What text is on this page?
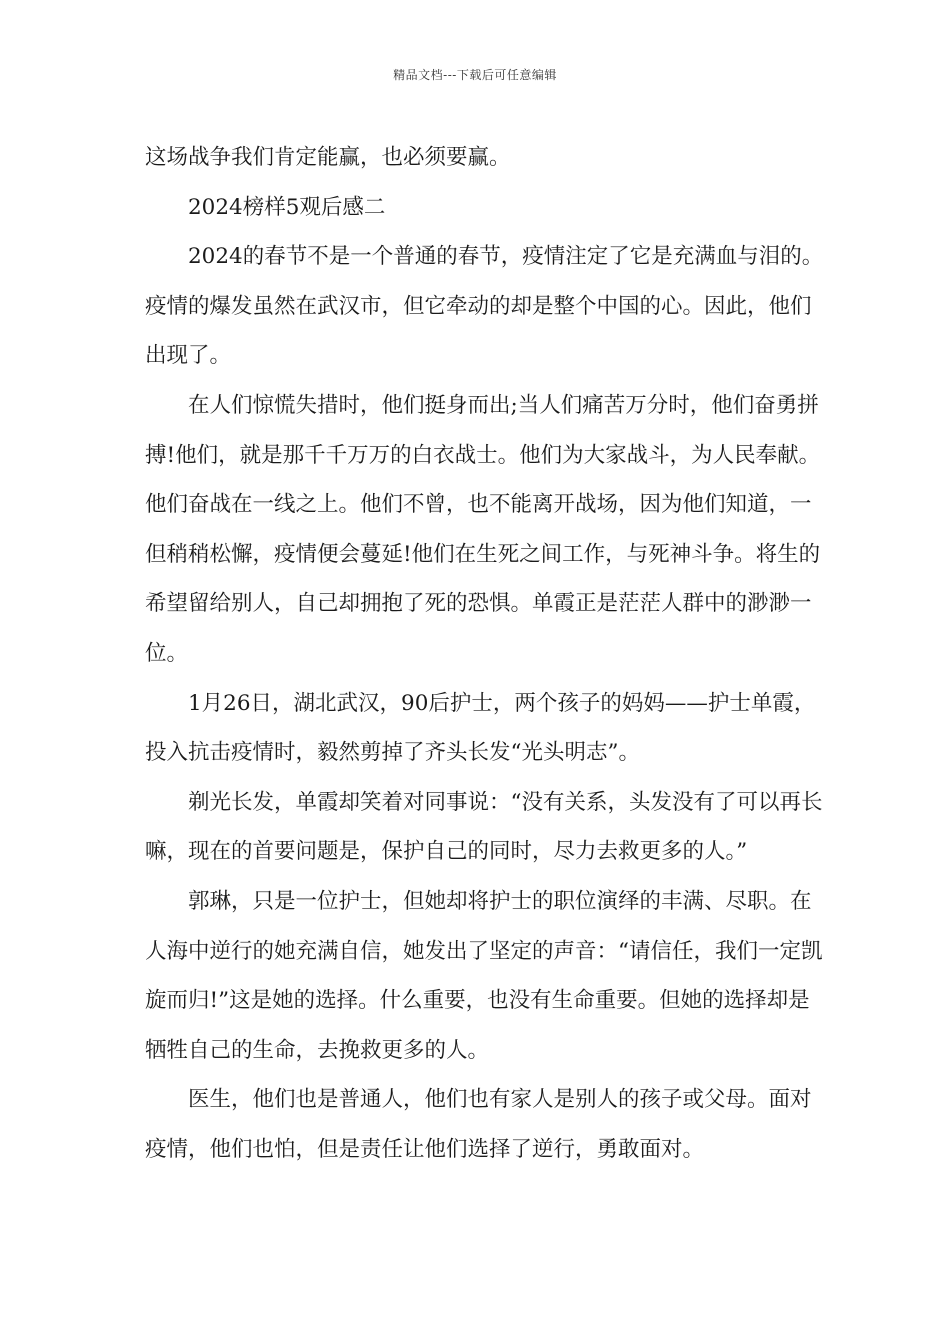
精品文档---下载后可任意编辑

这场战争我们肯定能赢，也必须要赢。

2024榜样5观后感二

2024的春节不是一个普通的春节，疫情注定了它是充满血与泪的。疫情的爆发虽然在武汉市，但它牵动的却是整个中国的心。因此，他们出现了。

在人们惊慌失措时，他们挺身而出;当人们痛苦万分时，他们奋勇拼搏!他们，就是那千千万万的白衣战士。他们为大家战斗，为人民奉献。他们奋战在一线之上。他们不曾，也不能离开战场，因为他们知道，一但稍稍松懈，疫情便会蔓延!他们在生死之间工作，与死神斗争。将生的希望留给别人，自己却拥抱了死的恐惧。单霞正是茫茫人群中的渺渺一位。

1月26日，湖北武汉，90后护士，两个孩子的妈妈——护士单霞，投入抗击疫情时，毅然剪掉了齐头长发“光头明志”。

剃光长发，单霞却笑着对同事说：“没有关系，头发没有了可以再长嘛，现在的首要问题是，保护自己的同时，尽力去救更多的人。”

郭琳，只是一位护士，但她却将护士的职位演绎的丰满、尽职。在人海中逆行的她充满自信，她发出了坚定的声音：“请信任，我们一定凯旋而归!”这是她的选择。什么重要，也没有生命重要。但她的选择却是牺牲自己的生命，去挽救更多的人。

医生，他们也是普通人，他们也有家人是别人的孩子或父母。面对疫情，他们也怕，但是责任让他们选择了逆行，勇敢面对。
